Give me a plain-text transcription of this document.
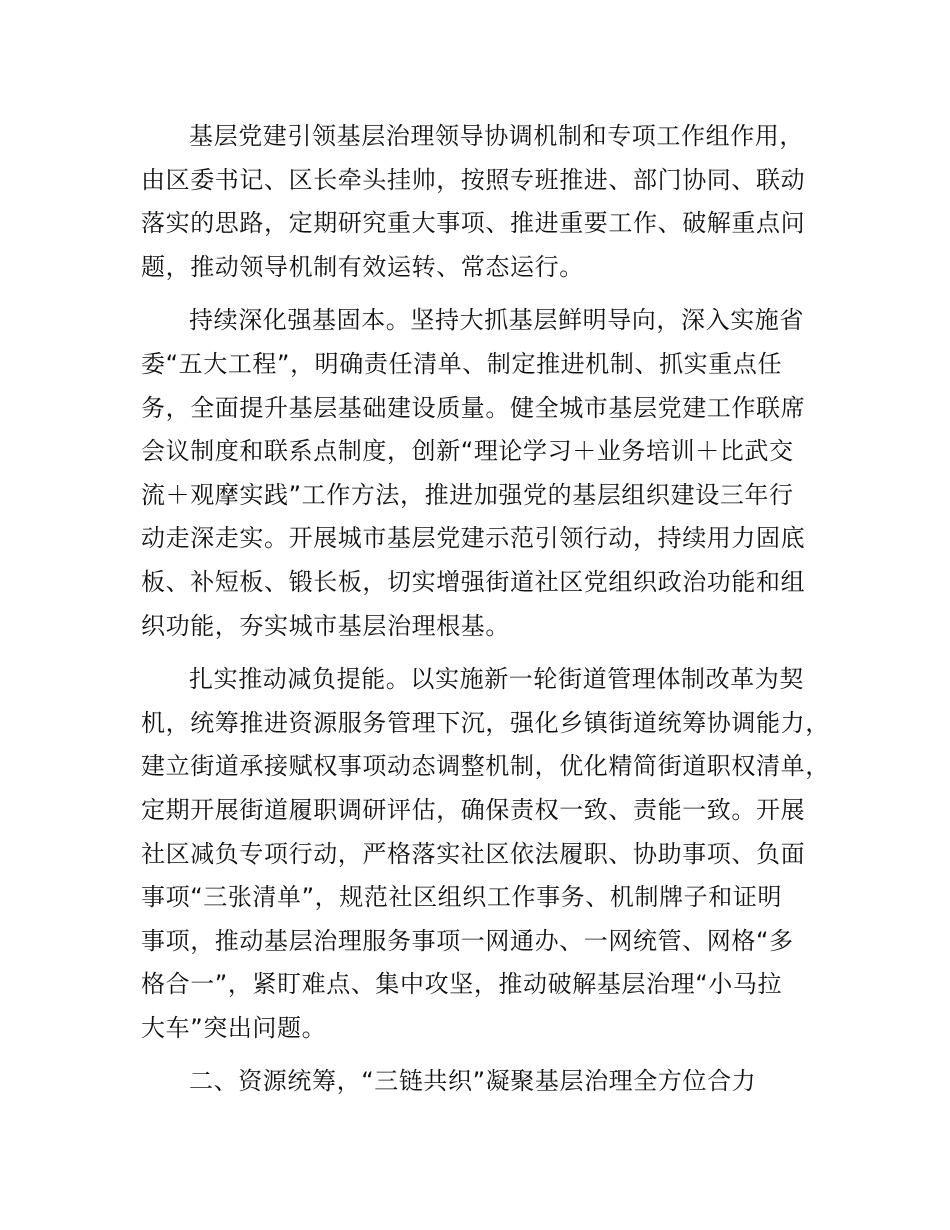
基层党建引领基层治理领导协调机制和专项工作组作用，
由区委书记、区长牵头挂帅，按照专班推进、部门协同、联动
落实的思路，定期研究重大事项、推进重要工作、破解重点问
题，推动领导机制有效运转、常态运行。
持续深化强基固本。坚持大抓基层鲜明导向，深入实施省
委“五大工程”，明确责任清单、制定推进机制、抓实重点任
务，全面提升基层基础建设质量。健全城市基层党建工作联席
会议制度和联系点制度，创新“理论学习＋业务培训＋比武交
流＋观摩实践”工作方法，推进加强党的基层组织建设三年行
动走深走实。开展城市基层党建示范引领行动，持续用力固底
板、补短板、锻长板，切实增强街道社区党组织政治功能和组
织功能，夯实城市基层治理根基。
扎实推动减负提能。以实施新一轮街道管理体制改革为契
机，统筹推进资源服务管理下沉，强化乡镇街道统筹协调能力，
建立街道承接赋权事项动态调整机制，优化精简街道职权清单，
定期开展街道履职调研评估，确保责权一致、责能一致。开展
社区减负专项行动，严格落实社区依法履职、协助事项、负面
事项“三张清单”，规范社区组织工作事务、机制牌子和证明
事项，推动基层治理服务事项一网通办、一网统管、网格“多
格合一”，紧盯难点、集中攻坚，推动破解基层治理“小马拉
大车”突出问题。
二、资源统筹，“三链共织”凝聚基层治理全方位合力
